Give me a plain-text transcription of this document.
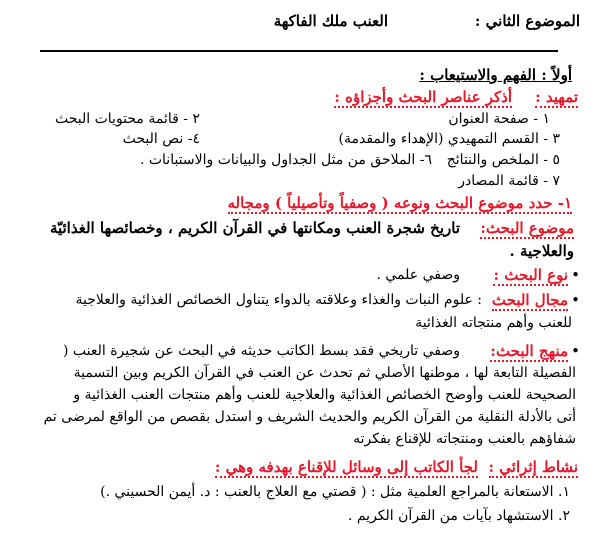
الموضوع الثاني :
العنب ملك الفاكهة
أولاً : الفهم والاستيعاب :
تمهيد :
أذكر عناصر البحث وأجزاؤه :
١ - صفحة العنوان
٢ - قائمة محتويات البحث
٣ - القسم التمهيدي (الإهداء والمقدمة)
٤- نص البحث
٥ - الملخص والنتائج
٦- الملاحق من مثل الجداول والبيانات والاستبانات .
٧ - قائمة المصادر
١- حدد موضوع البحث ونوعه ( وصفياً وتأصيلياً ) ومجاله
موضوع البحث:
تاريخ شجرة العنب ومكانتها في القرآن الكريم ، وخصائصها الغذائيّة
والعلاجية .
•
نوع البحث :
وصفي علمي .
•
مجال البحث
: علوم النبات والغذاء وعلاقته بالدواء يتناول الخصائص الغذائية والعلاجية
للعنب وأهم منتجاته الغذائية
•
منهج البحث:
وصفي تاريخي فقد بسط الكاتب حديثه في البحث عن شجيرة العنب (
الفصيلة التابعة لها ، موطنها الأصلي ثم تحدث عن العنب في القرآن الكريم وبين التسمية
الصحيحة للعنب وأوضح الخصائص الغذائية والعلاجية للعنب وأهم منتجات العنب الغذائية و
أتى بالأدلة النقلية من القرآن الكريم والحديث الشريف و استدل بقصص من الواقع لمرضى تم
شفاؤهم بالعنب ومنتجاته للإقناع بفكرته
نشاط إثرائي :
لجأ الكاتب إلى وسائل للإقناع بهدفه وهي :
١. الاستعانة بالمراجع العلمية مثل : ( قصتي مع العلاج بالعنب : د. أيمن الحسيني .)
٢. الاستشهاد بآيات من القرآن الكريم .
